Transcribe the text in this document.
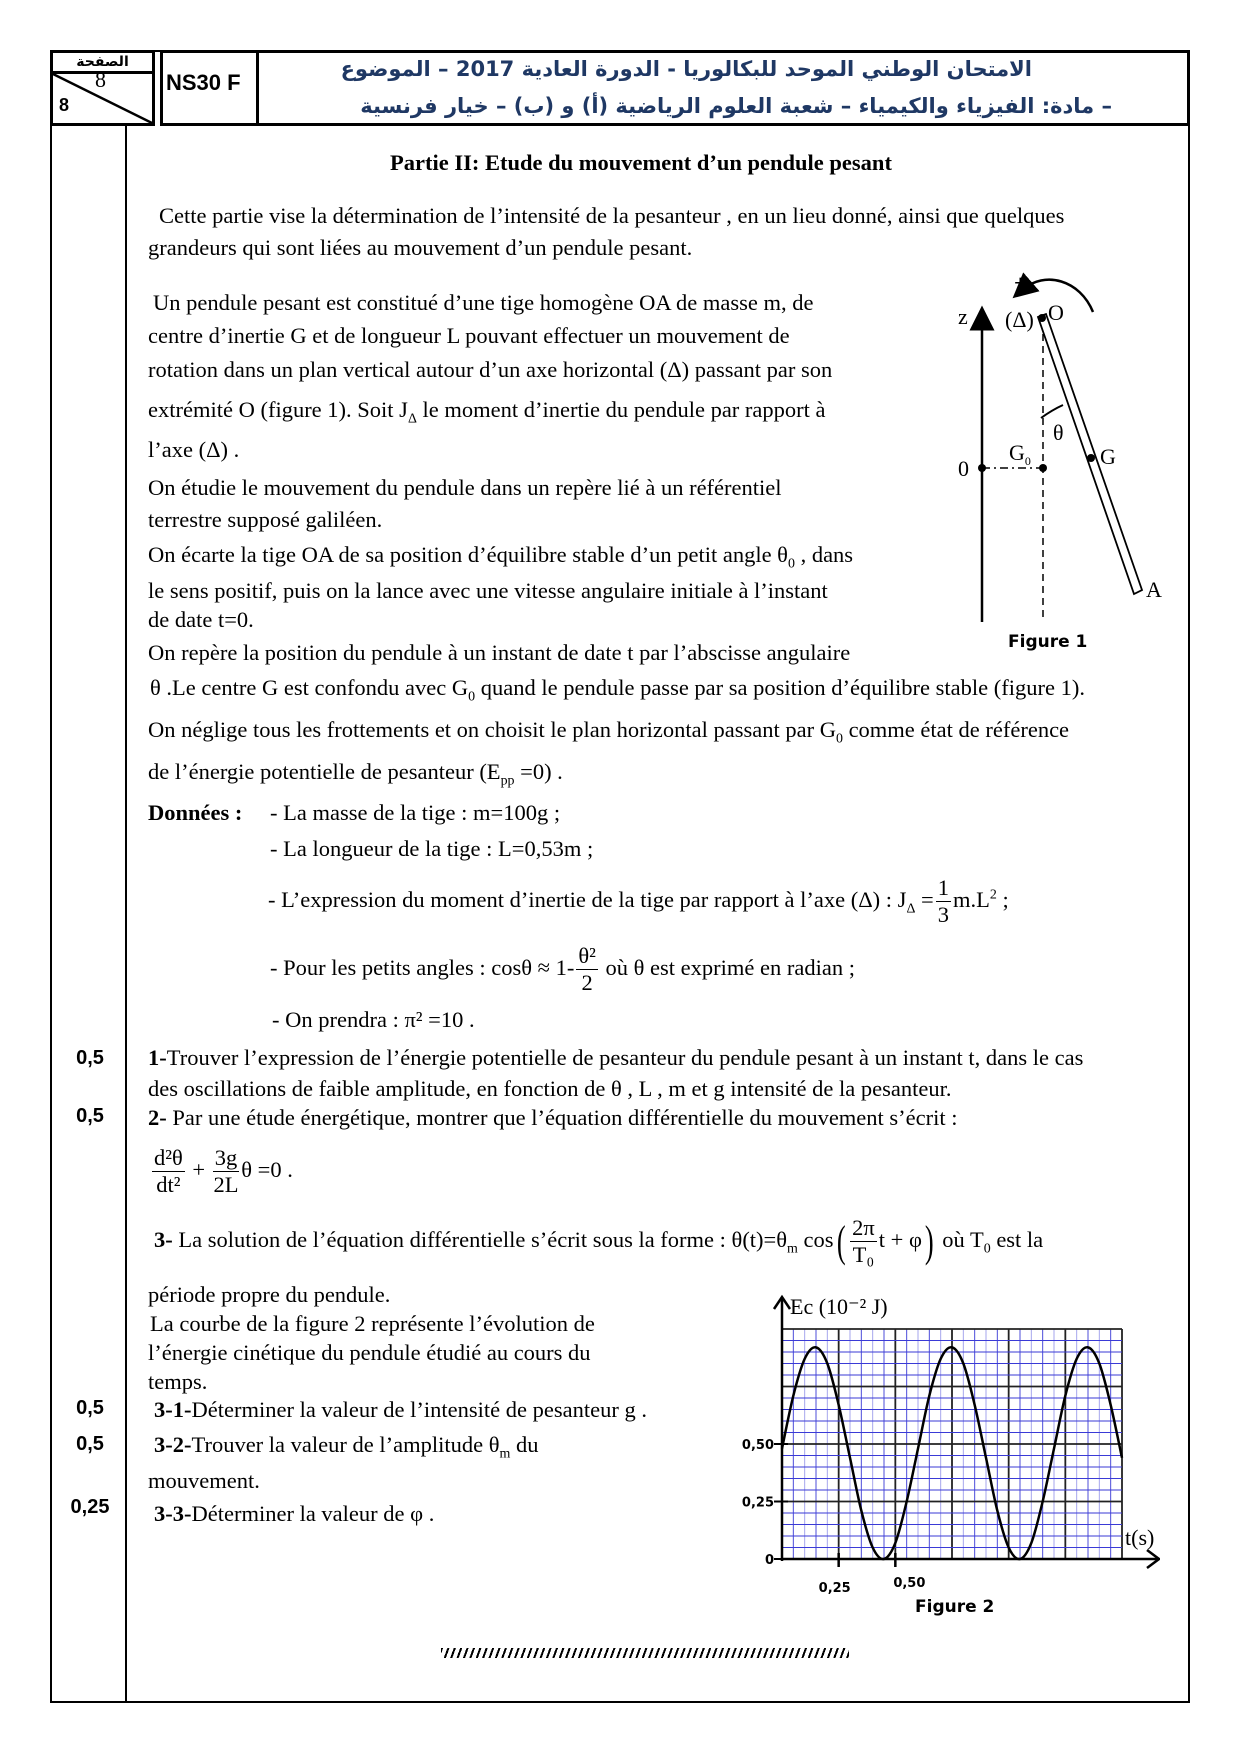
الصفحة
8
8
NS30 F
الامتحان الوطني الموحد للبكالوريا - الدورة العادية 2017 – الموضوع
– مادة: الفيزياء والكيمياء – شعبة العلوم الرياضية (أ) و (ب) – خيار فرنسية
0,5
0,5
0,5
0,5
0,25
Partie II: Etude du mouvement d’un pendule pesant
Cette partie vise la détermination de l’intensité de la pesanteur , en un lieu donné, ainsi que quelques
grandeurs qui sont liées au mouvement d’un pendule pesant.
Un pendule pesant est constitué d’une tige homogène OA de masse m, de
centre d’inertie G et de longueur L pouvant effectuer un mouvement de
rotation dans un plan vertical autour d’un axe horizontal (Δ) passant par son
extrémité O (figure 1). Soit $J_\Delta$ le moment d’inertie du pendule par rapport à
l’axe (Δ) .
On étudie le mouvement du pendule dans un repère lié à un référentiel
terrestre supposé galiléen.
On écarte la tige OA de sa position d’équilibre stable d’un petit angle $\theta_0$ , dans
le sens positif, puis on la lance avec une vitesse angulaire initiale à l’instant
de date t=0.
On repère la position du pendule à un instant de date t par l’abscisse angulaire
θ .Le centre G est confondu avec $G_0$ quand le pendule passe par sa position d’équilibre stable (figure 1).
On néglige tous les frottements et on choisit le plan horizontal passant par $G_0$ comme état de référence
de l’énergie potentielle de pesanteur $(E_{pp} =0)$ .
Données : - La masse de la tige : m=100g ;
- La longueur de la tige : L=0,53m ;
- L’expression du moment d’inertie de la tige par rapport à l’axe (Δ) : $J_\Delta = \frac{1}{3} m.L^2$ ;
- Pour les petits angles : $\cos\theta \approx 1- \frac{\text{θ²}}{2}$ où θ est exprimé en radian ;
- On prendra : π² =10 .
1-Trouver l’expression de l’énergie potentielle de pesanteur du pendule pesant à un instant t, dans le cas
des oscillations de faible amplitude, en fonction de θ , L , m et g intensité de la pesanteur.
2- Par une étude énergétique, montrer que l’équation différentielle du mouvement s’écrit :
$\frac{\text{d²θ}}{\text{dt²}} + \frac{3g}{2L}$ θ =0 .
3- La solution de l’équation différentielle s’écrit sous la forme : $\theta(t)=\theta_m$ $\cos( \frac{2\pi}{\text{T₀}}$ t + φ) où $T_0$ est la
période propre du pendule.
La courbe de la figure 2 représente l’évolution de
l’énergie cinétique du pendule étudié au cours du
temps.
3-1-Déterminer la valeur de l’intensité de pesanteur g .
3-2-Trouver la valeur de l’amplitude $\theta_m$ du
mouvement.
3-3-Déterminer la valeur de φ .
+
z (Δ) O
θ
$G_0$	G
0
A
Figure 1
Ec (10⁻² J)
t(s)
Figure 2
0,25	0,50
0
0,25
0,50
